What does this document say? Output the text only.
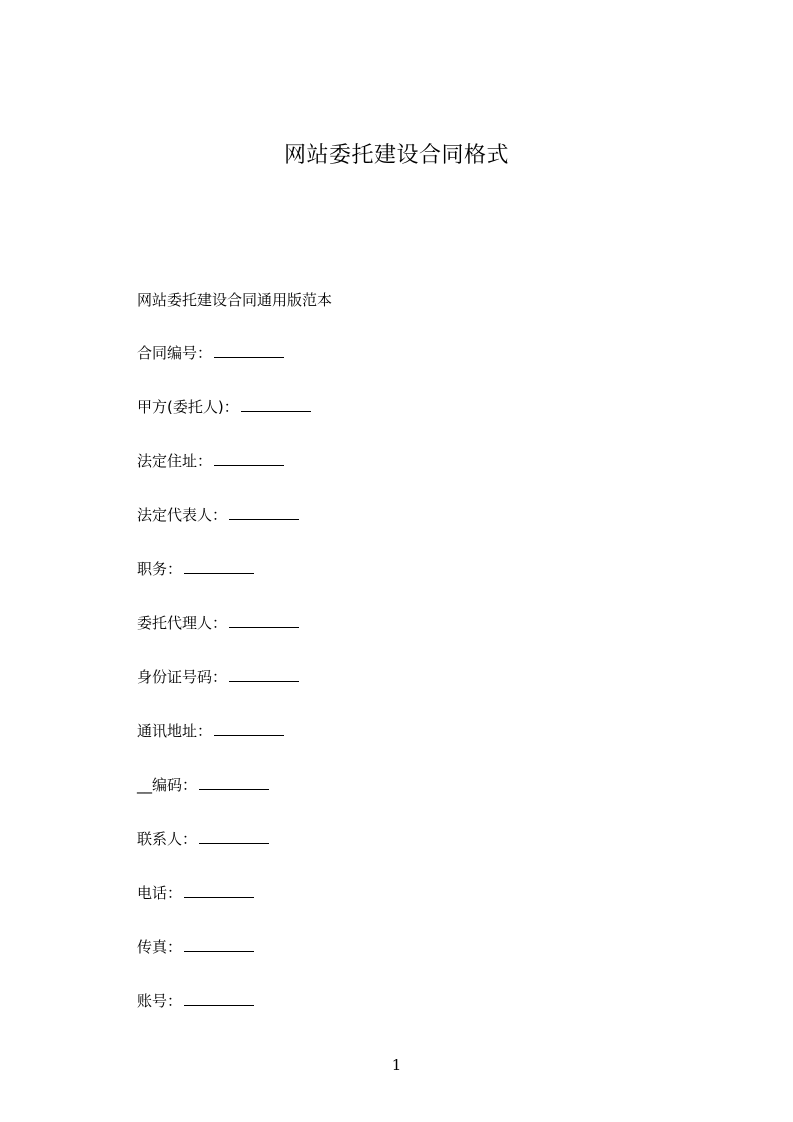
网站委托建设合同格式
网站委托建设合同通用版范本
合同编号：
甲方(委托人)：
法定住址：
法定代表人：
职务：
委托代理人：
身份证号码：
通讯地址：
__编码：
联系人：
电话：
传真：
账号：
1
